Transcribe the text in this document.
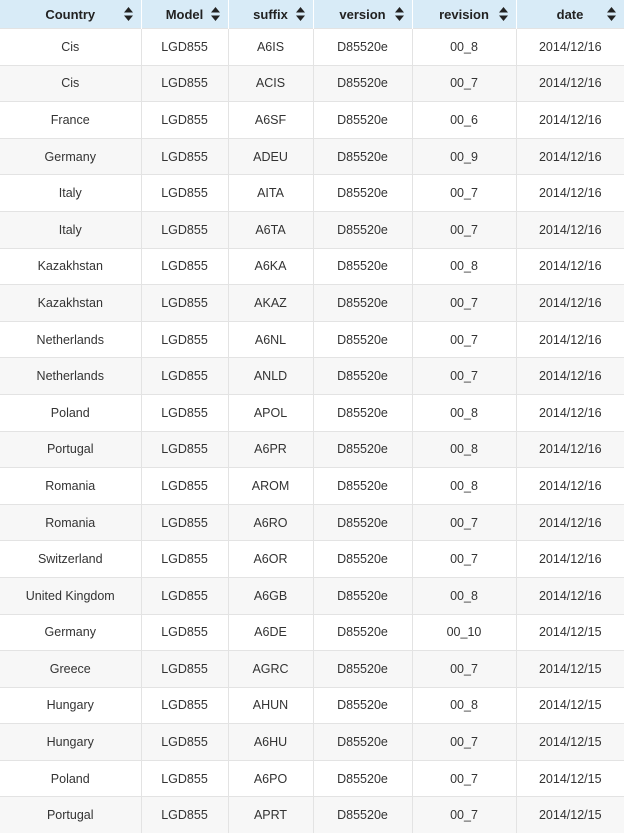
Country	Model	suffix	version	revision	date

Cis	LGD855	A6IS	D85520e	00_8	2014/12/16
Cis	LGD855	ACIS	D85520e	00_7	2014/12/16
France	LGD855	A6SF	D85520e	00_6	2014/12/16
Germany	LGD855	ADEU	D85520e	00_9	2014/12/16
Italy	LGD855	AITA	D85520e	00_7	2014/12/16
Italy	LGD855	A6TA	D85520e	00_7	2014/12/16
Kazakhstan	LGD855	A6KA	D85520e	00_8	2014/12/16
Kazakhstan	LGD855	AKAZ	D85520e	00_7	2014/12/16
Netherlands	LGD855	A6NL	D85520e	00_7	2014/12/16
Netherlands	LGD855	ANLD	D85520e	00_7	2014/12/16
Poland	LGD855	APOL	D85520e	00_8	2014/12/16
Portugal	LGD855	A6PR	D85520e	00_8	2014/12/16
Romania	LGD855	AROM	D85520e	00_8	2014/12/16
Romania	LGD855	A6RO	D85520e	00_7	2014/12/16
Switzerland	LGD855	A6OR	D85520e	00_7	2014/12/16
United Kingdom	LGD855	A6GB	D85520e	00_8	2014/12/16
Germany	LGD855	A6DE	D85520e	00_10	2014/12/15
Greece	LGD855	AGRC	D85520e	00_7	2014/12/15
Hungary	LGD855	AHUN	D85520e	00_8	2014/12/15
Hungary	LGD855	A6HU	D85520e	00_7	2014/12/15
Poland	LGD855	A6PO	D85520e	00_7	2014/12/15
Portugal	LGD855	APRT	D85520e	00_7	2014/12/15
